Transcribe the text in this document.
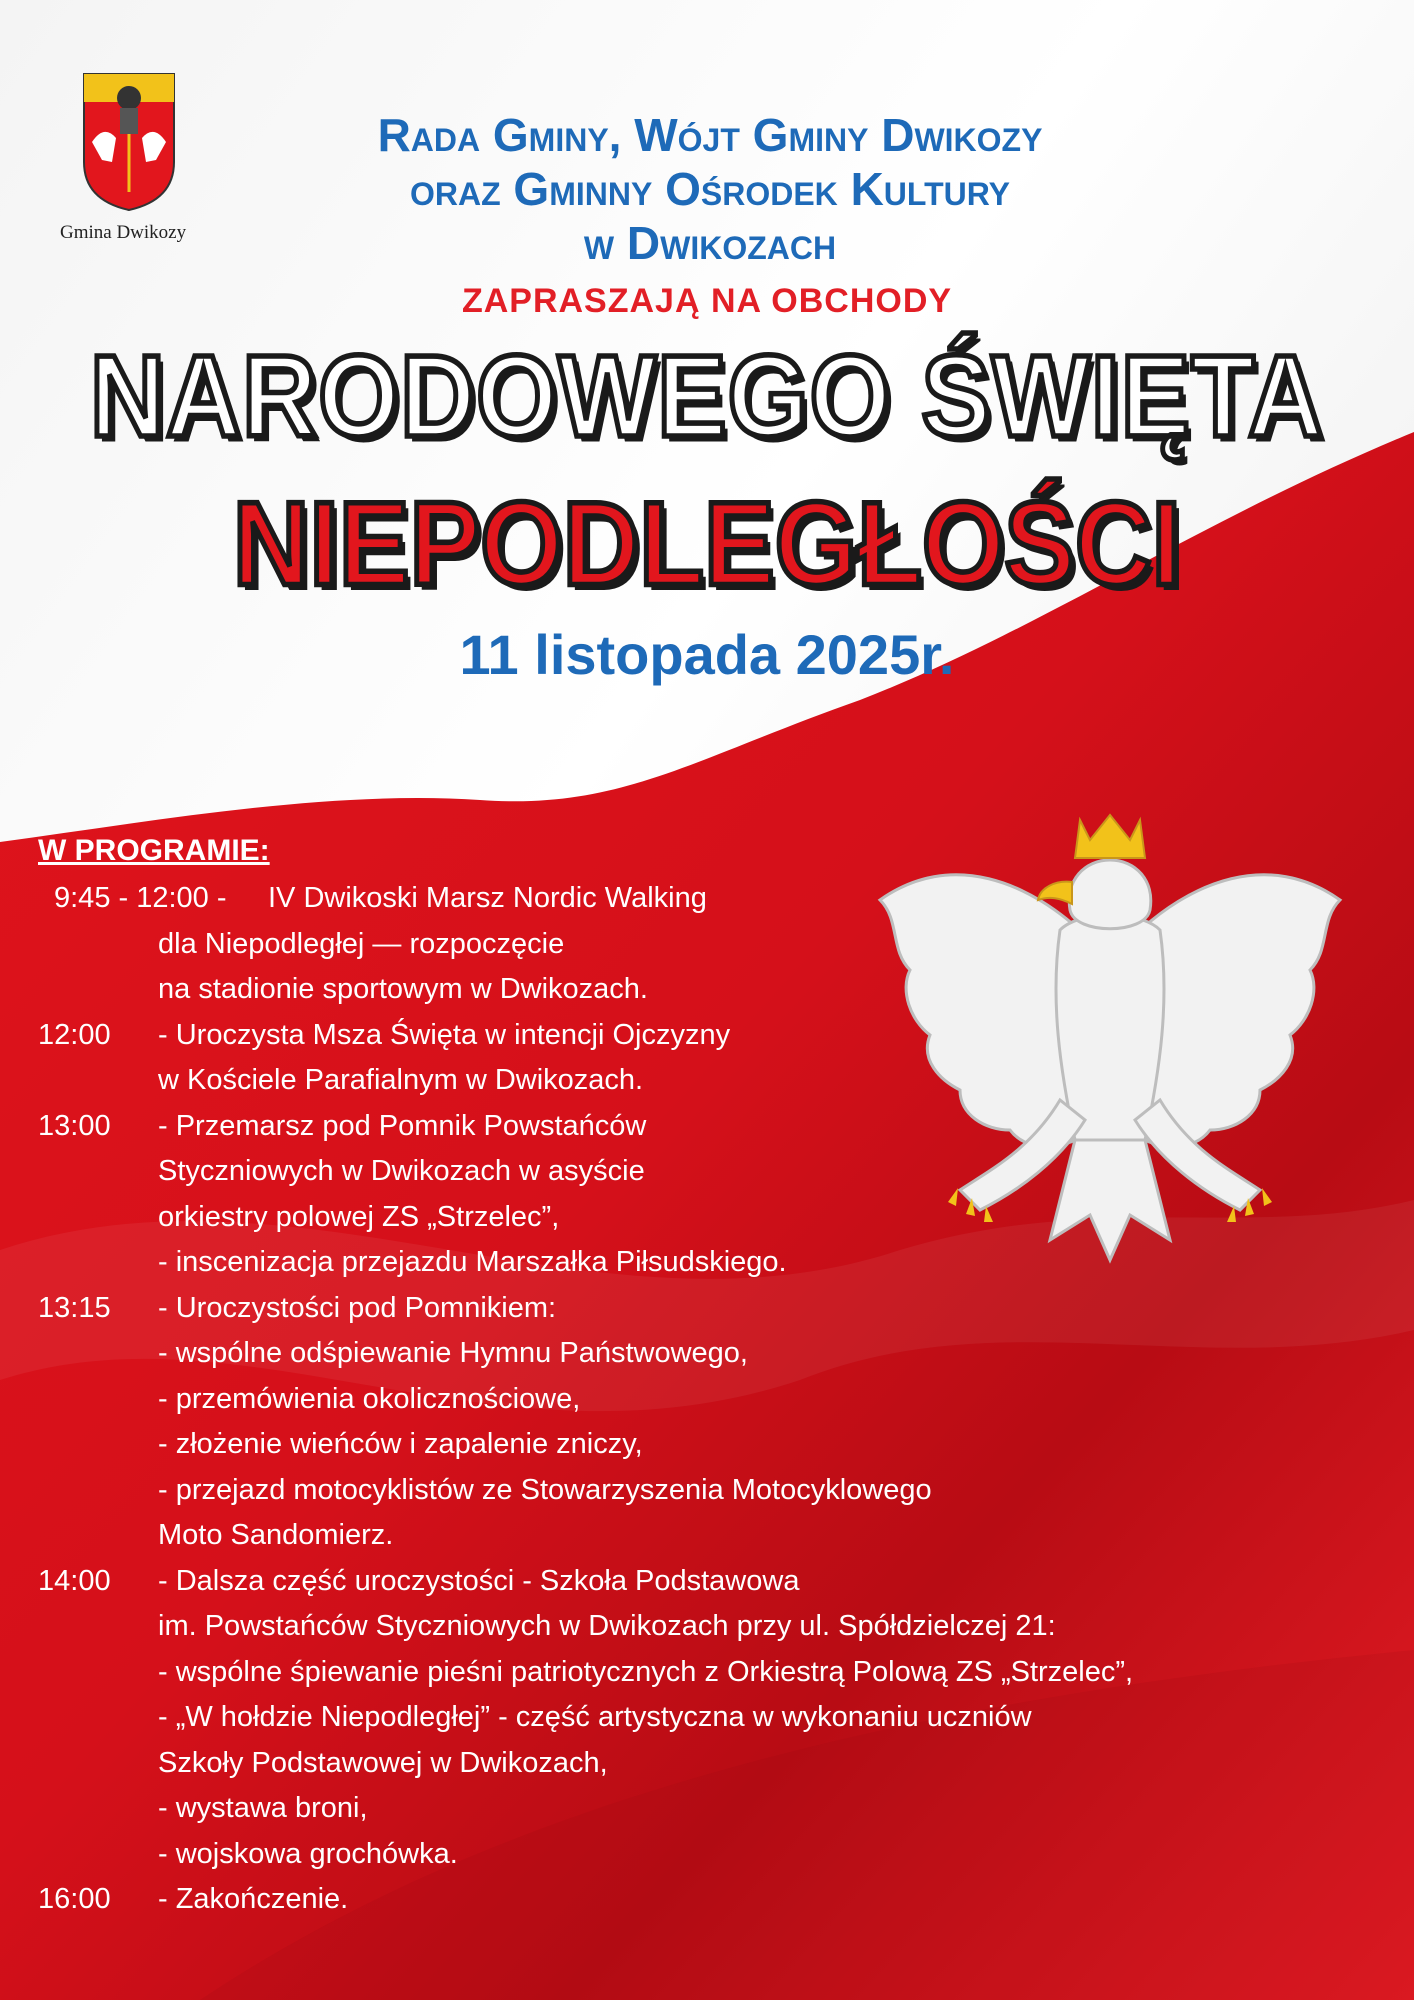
Gmina Dwikozy
Rada Gminy, Wójt Gminy Dwikozy
oraz Gminny Ośrodek Kultury
w Dwikozach
ZAPRASZAJĄ NA OBCHODY
NARODOWEGO ŚWIĘTA
NIEPODLEGŁOŚCI
11 listopada 2025r.
W PROGRAMIE:
9:45 - 12:00 - IV Dwikoski Marsz Nordic Walking
dla Niepodległej — rozpoczęcie
na stadionie sportowym w Dwikozach.
12:00 - Uroczysta Msza Święta w intencji Ojczyzny
w Kościele Parafialnym w Dwikozach.
13:00 - Przemarsz pod Pomnik Powstańców
Styczniowych w Dwikozach w asyście
orkiestry polowej ZS „Strzelec”,
- inscenizacja przejazdu Marszałka Piłsudskiego.
13:15 - Uroczystości pod Pomnikiem:
- wspólne odśpiewanie Hymnu Państwowego,
- przemówienia okolicznościowe,
- złożenie wieńców i zapalenie zniczy,
- przejazd motocyklistów ze Stowarzyszenia Motocyklowego
Moto Sandomierz.
14:00 - Dalsza część uroczystości - Szkoła Podstawowa
im. Powstańców Styczniowych w Dwikozach przy ul. Spółdzielczej 21:
- wspólne śpiewanie pieśni patriotycznych z Orkiestrą Polową ZS „Strzelec”,
- „W hołdzie Niepodległej” - część artystyczna w wykonaniu uczniów
Szkoły Podstawowej w Dwikozach,
- wystawa broni,
- wojskowa grochówka.
16:00 - Zakończenie.
